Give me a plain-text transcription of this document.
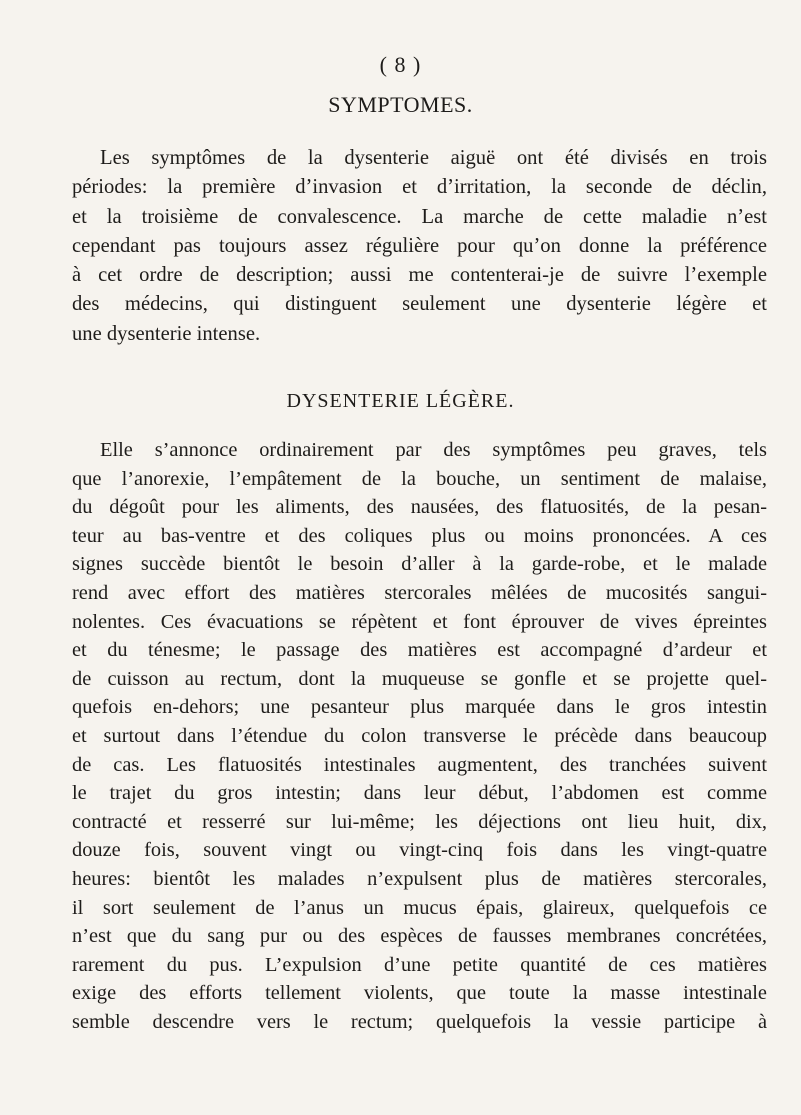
( 8 )
SYMPTOMES.
Les symptômes de la dysenterie aiguë ont été divisés en trois
périodes: la première d’invasion et d’irritation, la seconde de déclin,
et la troisième de convalescence. La marche de cette maladie n’est
cependant pas toujours assez régulière pour qu’on donne la préférence
à cet ordre de description; aussi me contenterai-je de suivre l’exemple
des médecins, qui distinguent seulement une dysenterie légère et
une dysenterie intense.
DYSENTERIE LÉGÈRE.
Elle s’annonce ordinairement par des symptômes peu graves, tels
que l’anorexie, l’empâtement de la bouche, un sentiment de malaise,
du dégoût pour les aliments, des nausées, des flatuosités, de la pesan-
teur au bas-ventre et des coliques plus ou moins prononcées. A ces
signes succède bientôt le besoin d’aller à la garde-robe, et le malade
rend avec effort des matières stercorales mêlées de mucosités sangui-
nolentes. Ces évacuations se répètent et font éprouver de vives épreintes
et du ténesme; le passage des matières est accompagné d’ardeur et
de cuisson au rectum, dont la muqueuse se gonfle et se projette quel-
quefois en-dehors; une pesanteur plus marquée dans le gros intestin
et surtout dans l’étendue du colon transverse le précède dans beaucoup
de cas. Les flatuosités intestinales augmentent, des tranchées suivent
le trajet du gros intestin; dans leur début, l’abdomen est comme
contracté et resserré sur lui-même; les déjections ont lieu huit, dix,
douze fois, souvent vingt ou vingt-cinq fois dans les vingt-quatre
heures: bientôt les malades n’expulsent plus de matières stercorales,
il sort seulement de l’anus un mucus épais, glaireux, quelquefois ce
n’est que du sang pur ou des espèces de fausses membranes concrétées,
rarement du pus. L’expulsion d’une petite quantité de ces matières
exige des efforts tellement violents, que toute la masse intestinale
semble descendre vers le rectum; quelquefois la vessie participe à
